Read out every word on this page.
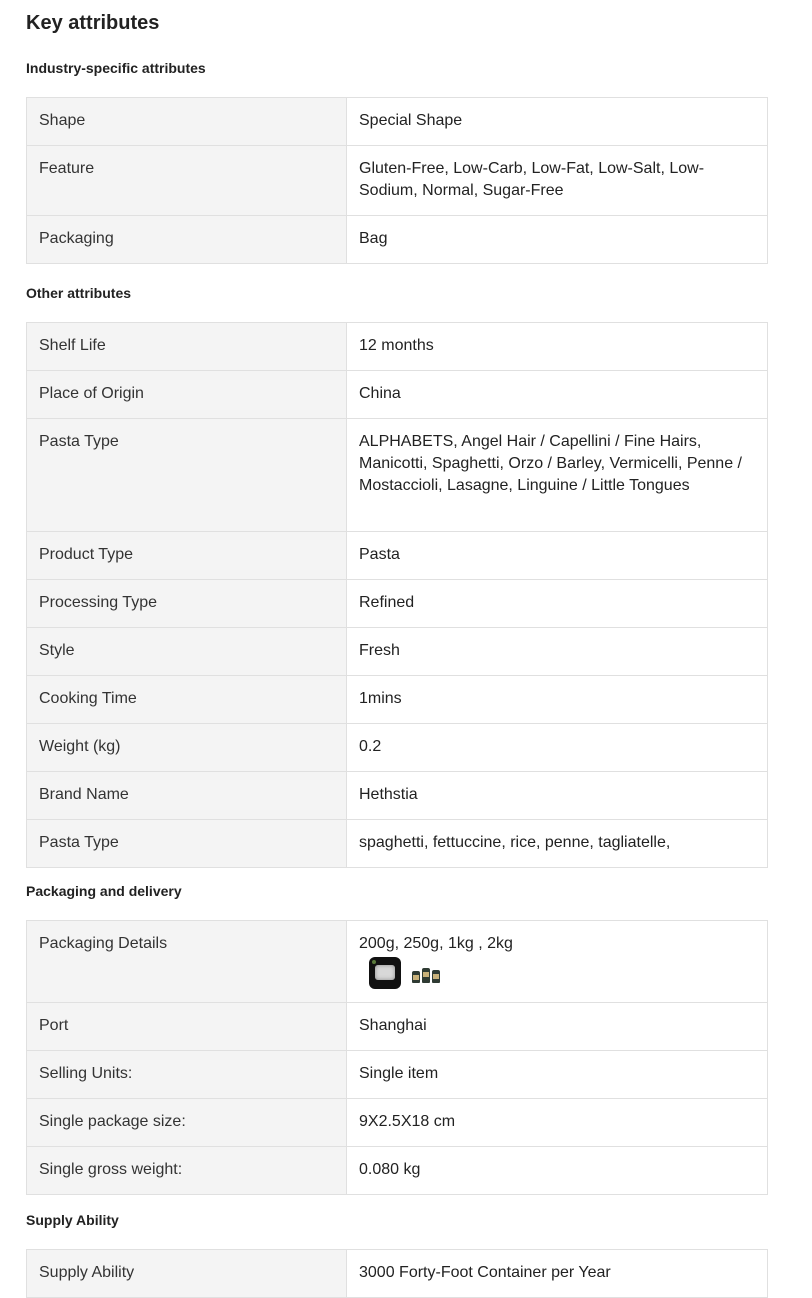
Key attributes
Industry-specific attributes
Shape	Special Shape
Feature	Gluten-Free, Low-Carb, Low-Fat, Low-Salt, Low-Sodium, Normal, Sugar-Free
Packaging	Bag
Other attributes
Shelf Life	12 months
Place of Origin	China
Pasta Type	ALPHABETS, Angel Hair / Capellini / Fine Hairs, Manicotti, Spaghetti, Orzo / Barley, Vermicelli, Penne / Mostaccioli, Lasagne, Linguine / Little Tongues
Product Type	Pasta
Processing Type	Refined
Style	Fresh
Cooking Time	1mins
Weight (kg)	0.2
Brand Name	Hethstia
Pasta Type	spaghetti, fettuccine, rice, penne, tagliatelle,
Packaging and delivery
Packaging Details	200g, 250g, 1kg , 2kg

Port	Shanghai
Selling Units:	Single item
Single package size:	9X2.5X18 cm
Single gross weight:	0.080 kg
Supply Ability
Supply Ability	3000 Forty-Foot Container per Year
